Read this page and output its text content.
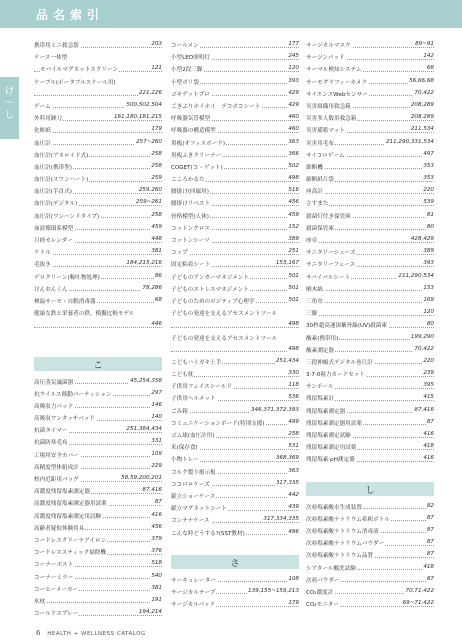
品名索引
け
〜
し
携帯用ミニ救急袋	203
ケース一体型
モバイルマグネットスクリーン	121
ケーブル(ポータブルスケール用)
221,226
ゲーム	500,502,504
外科用鋏刀	161,180,181,215
化粧紙	179
血圧計	257~260
血圧計(アネロイド式)	258
血圧計(携帯型)	258
血圧計(スワンハート)	259
血圧計(手首式)	259,260
血圧計(デジタル)	259~261
血圧計(ワンハンドタイプ)	258
血液循環系模型	459
月経カレンダー	448
ケトル	381
毛抜き	184,215,216
ゲロクリーン(嘔吐物処理)	86
けんおんくん	78,286
検温サーモ・自動消毒器	68
健康な鉄と栄養者の鉄、模擬比較モデル
446
こ
高圧蒸気滅菌器	45,254,358
抗ウイルス移動パーティション	297
高吸収力パッド	146
高吸収ワンタッチパッド	140
抗菌タイマー	251,384,434
抗菌防寒毛布	331
工場用安全カバー	109
高精度型体組成計	229
校内近距用パッグ	58,59,200,201
高濃度残留塩素測定器	87,416
高濃度残留塩素測定器用試薬	87
高濃度残留塩素測定用試験	416
高齢者疑似体験用具	456
コードレスクリーナアイロン	379
コードレススティック掃除機	376
コーナーポスト	518
コーナーミラー	540
コーヒーメーカー	381
氷枕	191
コールドスプレー	194,214
コールメン	177
小型LED照明灯	245
小型2段三脚	120
小型ボリ袋	393
ゴキゲットプロ	429
ごきぶりホイホイ　デコボコシート	429
呼吸器気管模型	460
呼吸器の構造模型	460
黒板(オフィスボード)	363
黒板ふきクリーナー	366
COGET(コ・ゲット)	502
こころかるた	498
腰掛け(回廊用)	516
腰掛けリベスト	456
骨格模型(人体)	459
コットンクロス	152
コットンシーツ	389
コップ	251
固定粘着シート	153,167
子どものアンガーマネジメント	501
子どものストレスマネジメント	501
子どものためのポジティブ心理学	501
子どもの発達を支えるアセスメントツール
498
子どもの発達を支えるアセスメントツール
498
こどもハミガキ上手	251,434
こども枕	330
子供用フェイスシールド	118
子供用ヘルメット	536
ごみ箱	346,371,372,393
コミュニケーションボード(特別支援)	499
ゴム球(血圧計用)	258
米(保存食)	531
小物トレー	368,369
コルク製り掲示板	363
ココロロケーズ	317,335
献立ショーケース	442
献立マグネットシート	439
コンテナケース	317,334,335
こんな時どうする?(SST教材)	496
さ
サーキュレーター	108
サージカルテープ	139,155~159,213
サージカルパッド	179
サージカルマスク	89~91
サージンパッド	142
サーマル検知システム	68
サーモグラフィーカメラ	56,66,68
サイエンスWebセンサー	70,422
災害組織用救急箱	208,289
災害多人数用救急箱	208,289
災害備蓄マット	211,534
災害用毛布	211,290,331,534
サイコロゲーム	497
細断機	353
細断紙片袋	353
座高計	220
さすまた	539
殺菌灯付き保管庫	81
殺菌保管庫	80
座卓	428,429
サニタリーシューズ	389
サニタリーフェース	393
サバイバルシート	211,290,534
晒木綿	153
三角巾	169
三脚	120
30秒超高速深紫外線(UV)殺菌庫	80
酸素(携帯用)	199,290
酸素測定器	70,422
三段伸縮式デジタル巻尺計	220
3·7·0視力カードセット	239
サンポール	395
残留塩素計	415
残留塩素測定器	87,416
残留塩素測定器用試薬	87
残留塩素測定試験	416
残留塩素測定用試薬	418
残留塩素·pH測定器	416
し
次亜塩素酸水生成装置	82
次亜塩素酸ナトリウム希釈ボトル	87
次亜塩素酸ナトリウム消毒液	87
次亜塩素酸ナトリウムパウダー	87
次亜塩素酸ナトリウム品質	87
シアタール酸洗試験	418
次亜パウダー	87
CO₂濃度計	70,71,422
CO₂モニター	69~71,422
6 HEALTH + WELLNESS CATALOG
